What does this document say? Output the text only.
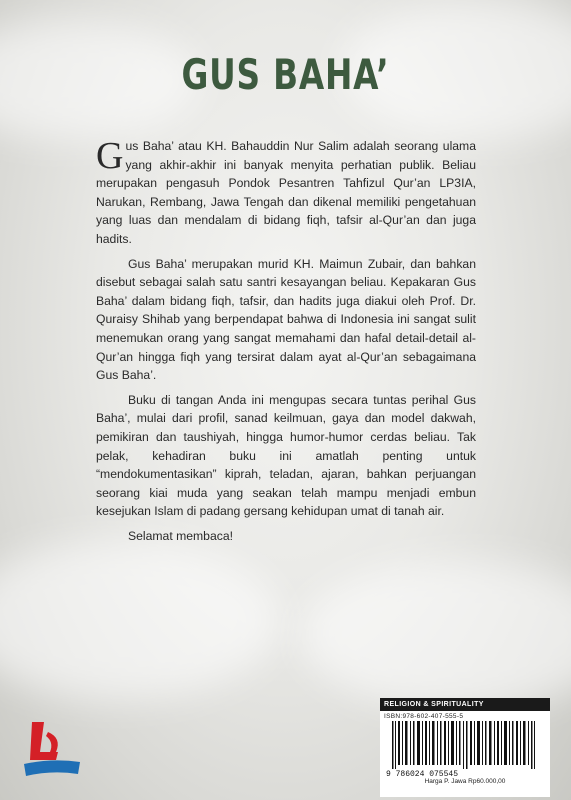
GUS BAHA’

Gus Baha’ atau KH. Bahauddin Nur Salim adalah seorang ulama yang akhir-akhir ini banyak menyita perhatian publik. Beliau merupakan pengasuh Pondok Pesantren Tahfizul Qur’an LP3IA, Narukan, Rembang, Jawa Tengah dan dikenal memiliki pengetahuan yang luas dan mendalam di bidang fiqh, tafsir al-Qur’an dan juga hadits.

Gus Baha’ merupakan murid KH. Maimun Zubair, dan bahkan disebut sebagai salah satu santri kesayangan beliau. Kepakaran Gus Baha’ dalam bidang fiqh, tafsir, dan hadits juga diakui oleh Prof. Dr. Quraisy Shihab yang berpendapat bahwa di Indonesia ini sangat sulit menemukan orang yang sangat memahami dan hafal detail-detail al-Qur’an hingga fiqh yang tersirat dalam ayat al-Qur’an sebagaimana Gus Baha’.

Buku di tangan Anda ini mengupas secara tuntas perihal Gus Baha’, mulai dari profil, sanad keilmuan, gaya dan model dakwah, pemikiran dan taushiyah, hingga humor-humor cerdas beliau. Tak pelak, kehadiran buku ini amatlah penting untuk “mendokumentasikan” kiprah, teladan, ajaran, bahkan perjuangan seorang kiai muda yang seakan telah mampu menjadi embun kesejukan Islam di padang gersang kehidupan umat di tanah air.

Selamat membaca!

RELIGION & SPIRITUALITY
ISBN:978-602-407-555-5
9 786024 075545
Harga P. Jawa Rp60.000,00
